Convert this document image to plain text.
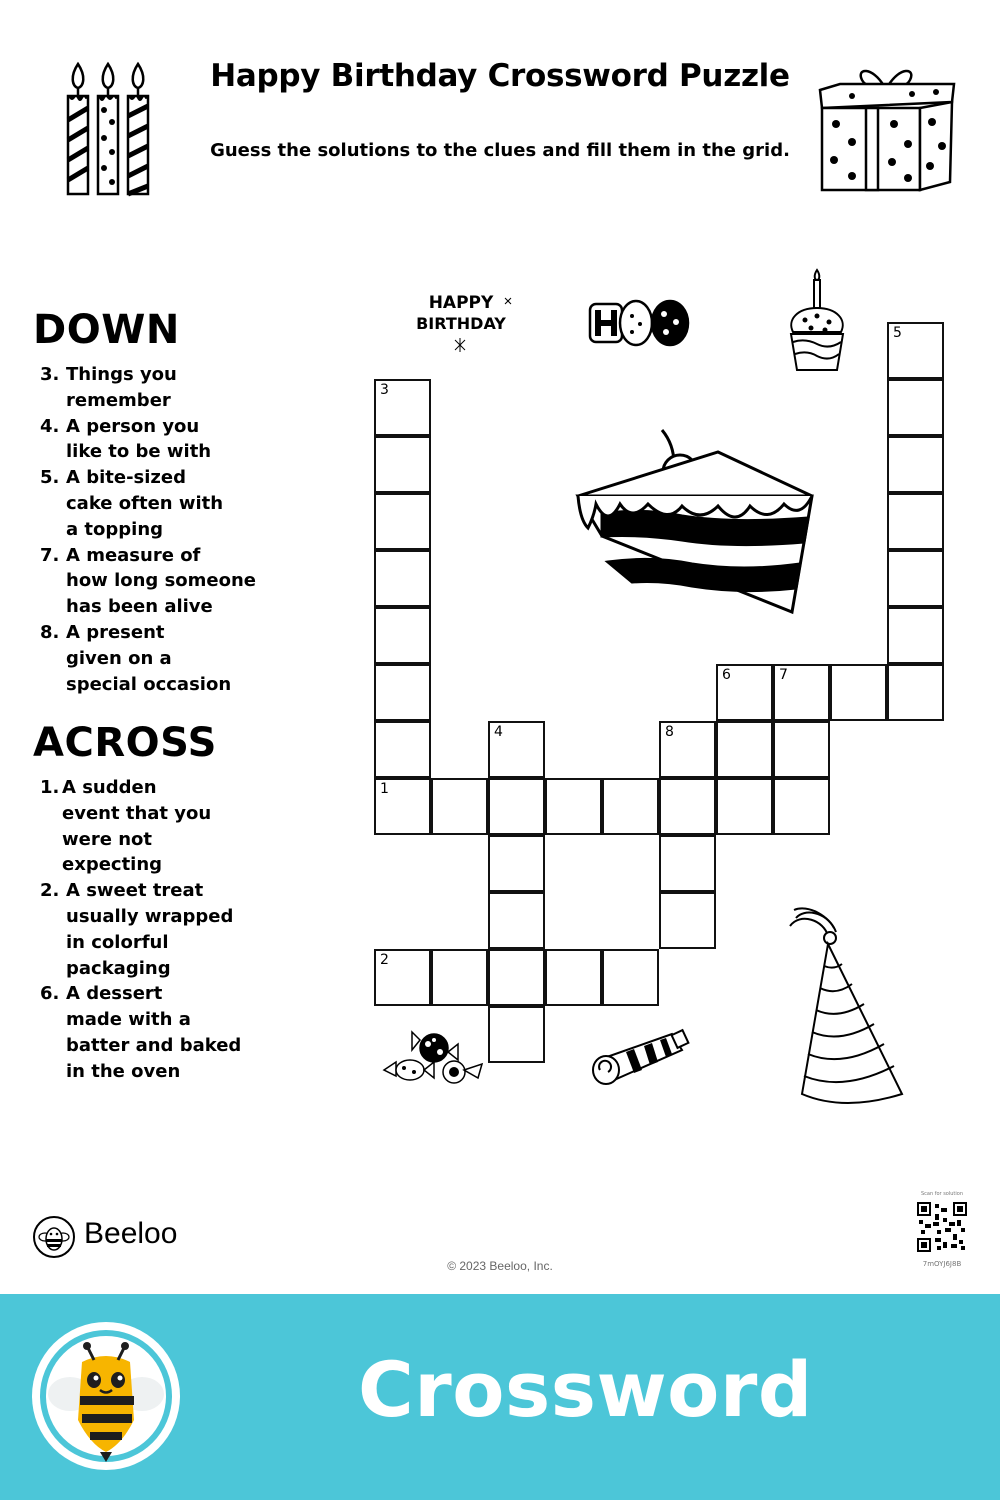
Happy Birthday Crossword Puzzle
Guess the solutions to the clues and fill them in the grid.
DOWN
3. Things you
remember
4. A person you
like to be with
5. A bite-sized
cake often with
a topping
7. A measure of
how long someone
has been alive
8. A present
given on a
special occasion
ACROSS
1. A sudden
event that you
were not
expecting
2. A sweet treat
usually wrapped
in colorful
packaging
6. A dessert
made with a
batter and baked
in the oven
5
3
6	7
4	8
1
2
HAPPY
BIRTHDAY
Beeloo
© 2023 Beeloo, Inc.
Scan for solution
7mOYJ6J8B
Crossword
